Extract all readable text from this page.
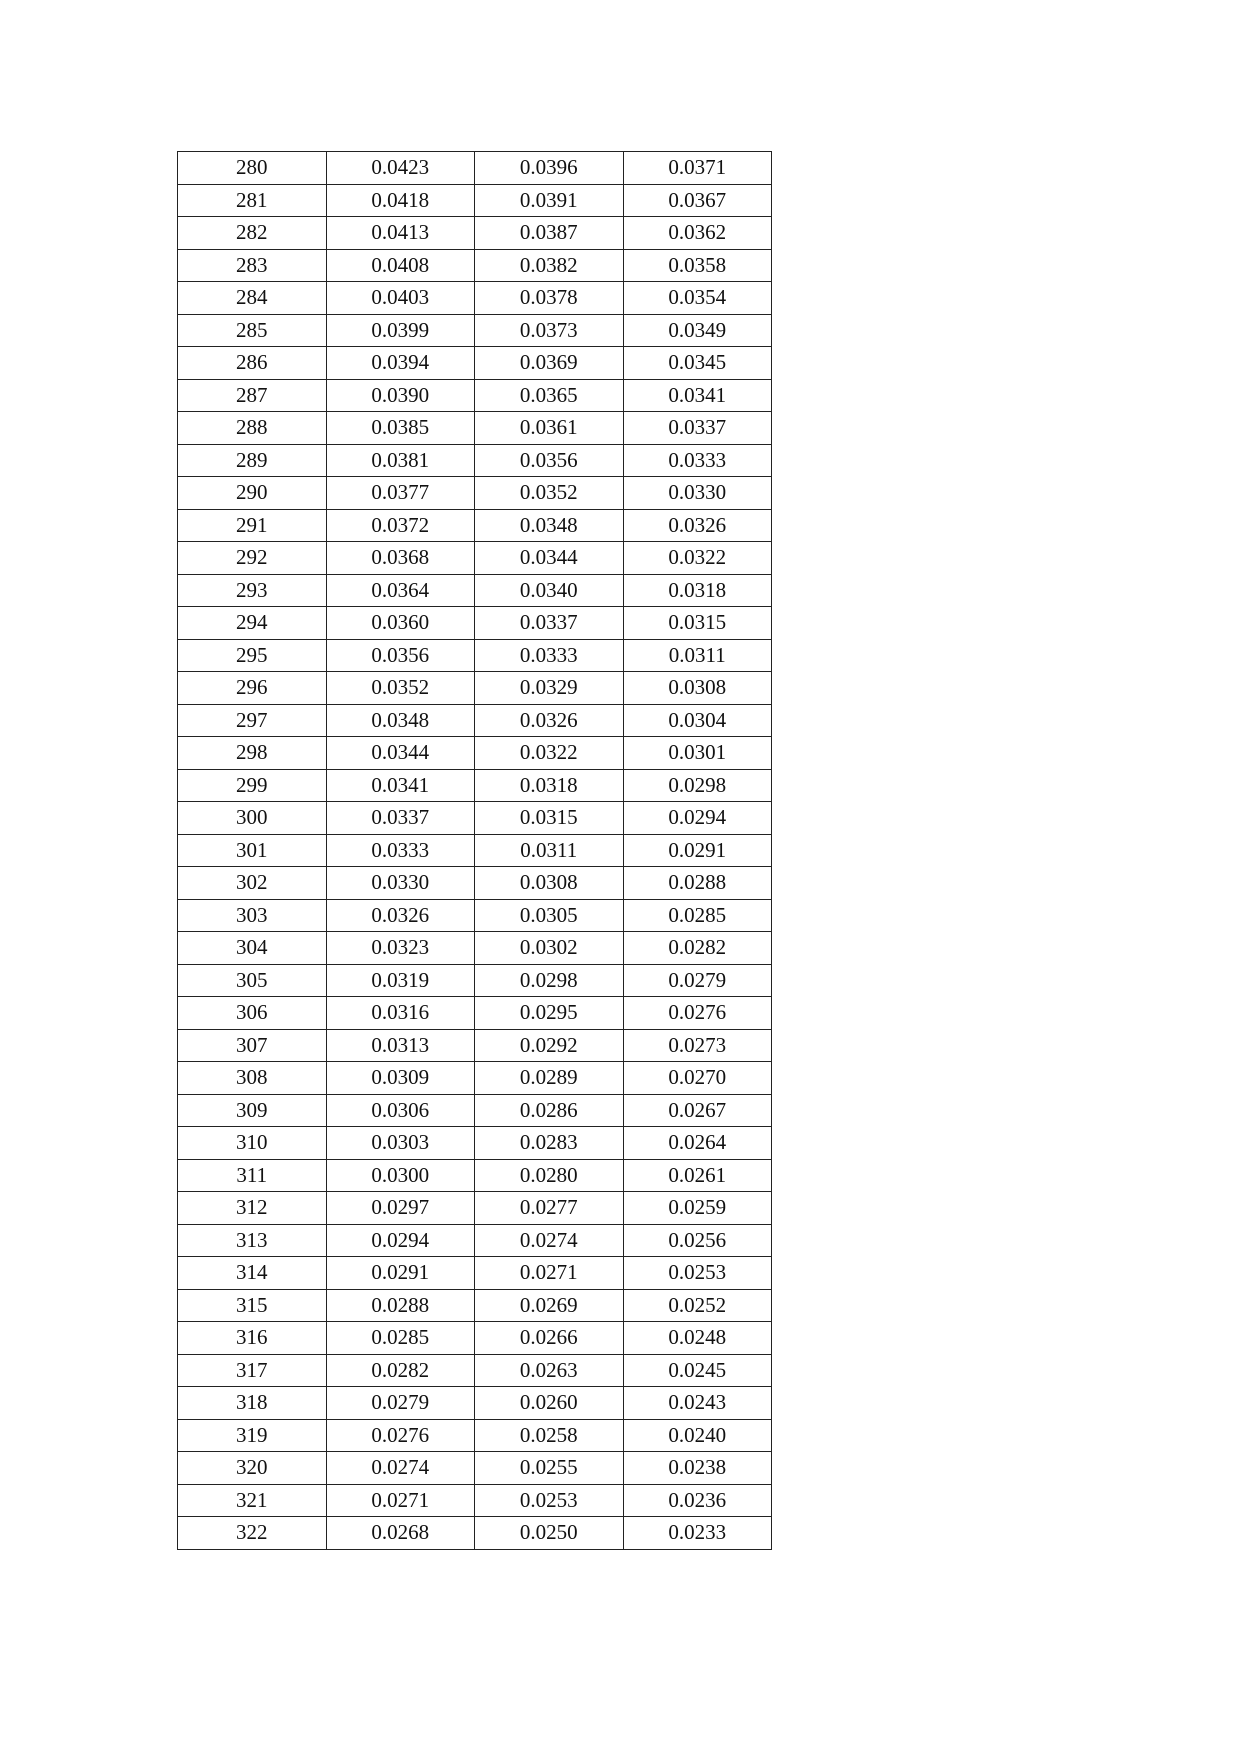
280	0.0423	0.0396	0.0371
281	0.0418	0.0391	0.0367
282	0.0413	0.0387	0.0362
283	0.0408	0.0382	0.0358
284	0.0403	0.0378	0.0354
285	0.0399	0.0373	0.0349
286	0.0394	0.0369	0.0345
287	0.0390	0.0365	0.0341
288	0.0385	0.0361	0.0337
289	0.0381	0.0356	0.0333
290	0.0377	0.0352	0.0330
291	0.0372	0.0348	0.0326
292	0.0368	0.0344	0.0322
293	0.0364	0.0340	0.0318
294	0.0360	0.0337	0.0315
295	0.0356	0.0333	0.0311
296	0.0352	0.0329	0.0308
297	0.0348	0.0326	0.0304
298	0.0344	0.0322	0.0301
299	0.0341	0.0318	0.0298
300	0.0337	0.0315	0.0294
301	0.0333	0.0311	0.0291
302	0.0330	0.0308	0.0288
303	0.0326	0.0305	0.0285
304	0.0323	0.0302	0.0282
305	0.0319	0.0298	0.0279
306	0.0316	0.0295	0.0276
307	0.0313	0.0292	0.0273
308	0.0309	0.0289	0.0270
309	0.0306	0.0286	0.0267
310	0.0303	0.0283	0.0264
311	0.0300	0.0280	0.0261
312	0.0297	0.0277	0.0259
313	0.0294	0.0274	0.0256
314	0.0291	0.0271	0.0253
315	0.0288	0.0269	0.0252
316	0.0285	0.0266	0.0248
317	0.0282	0.0263	0.0245
318	0.0279	0.0260	0.0243
319	0.0276	0.0258	0.0240
320	0.0274	0.0255	0.0238
321	0.0271	0.0253	0.0236
322	0.0268	0.0250	0.0233
